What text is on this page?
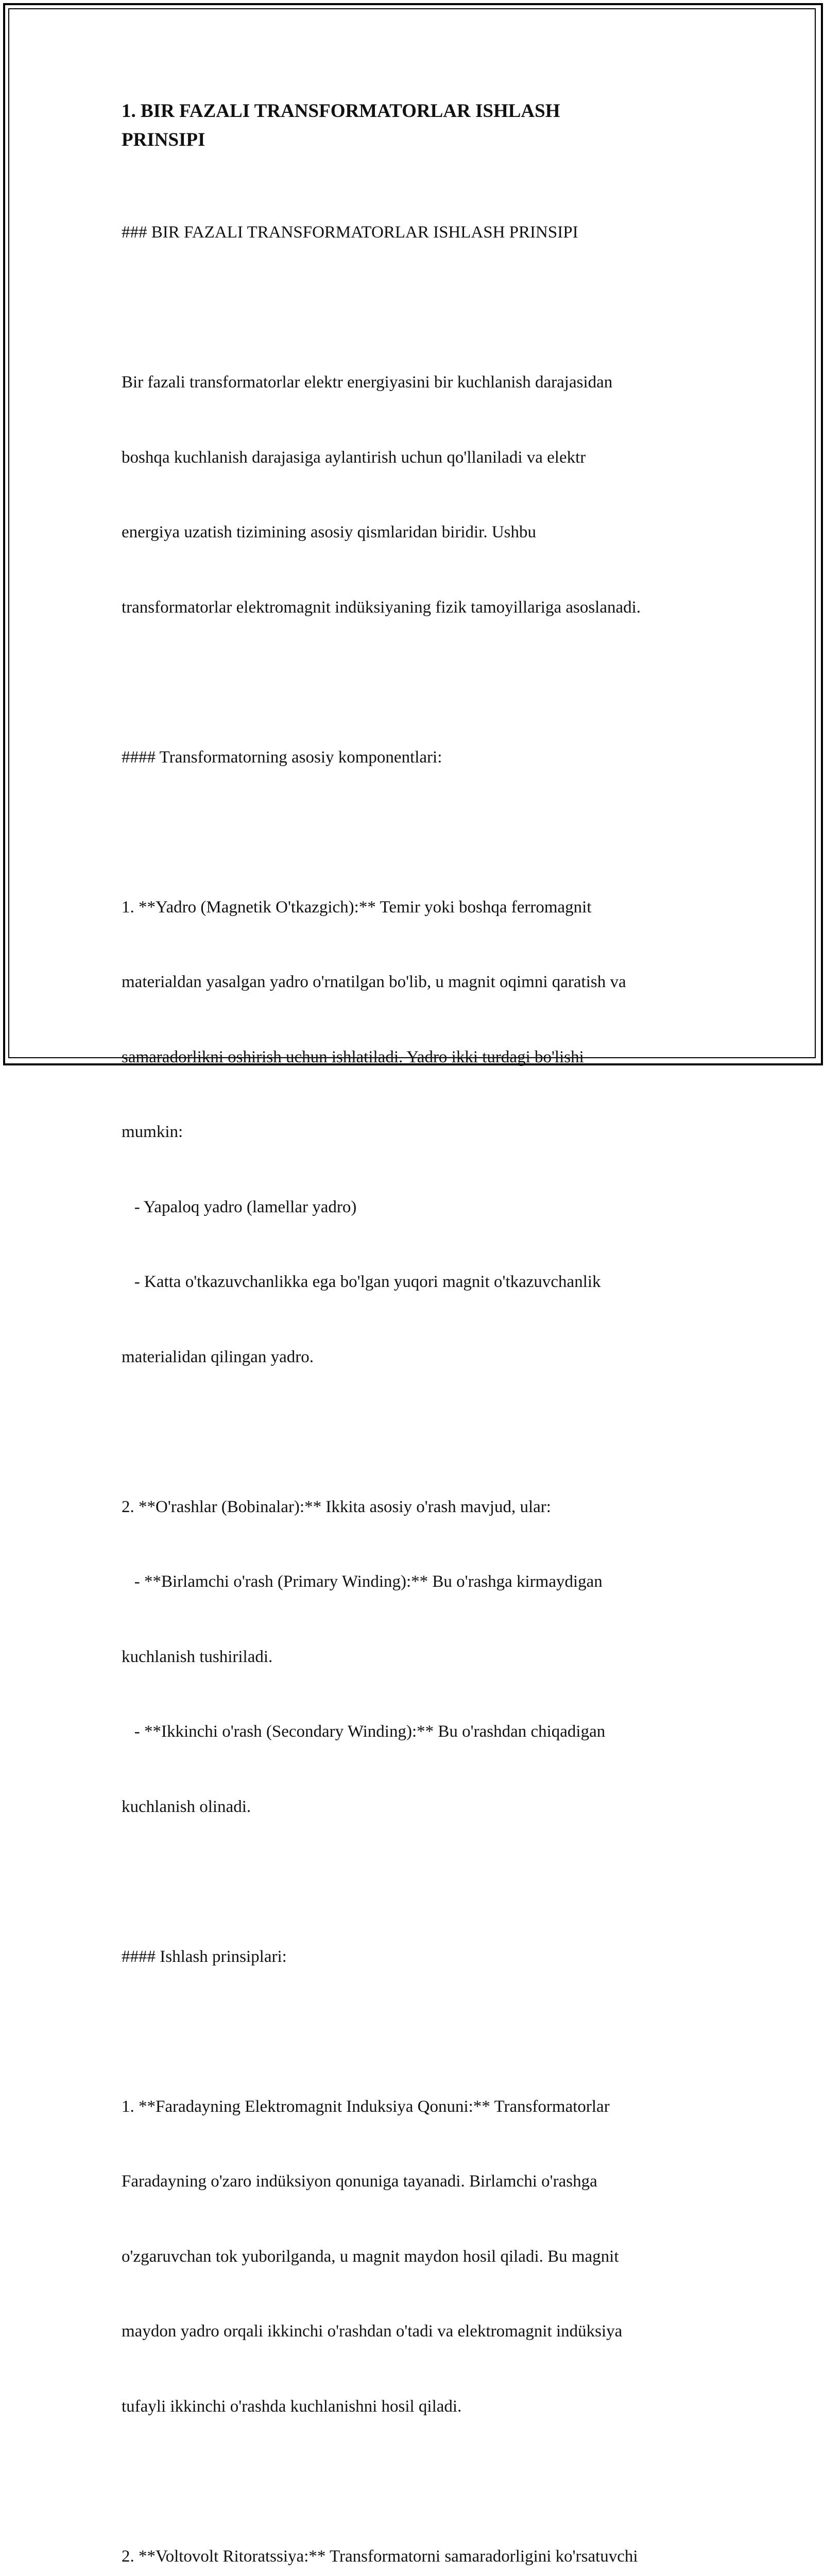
1. BIR FAZALI TRANSFORMATORLAR ISHLASH
PRINSIPI

### BIR FAZALI TRANSFORMATORLAR ISHLASH PRINSIPI

Bir fazali transformatorlar elektr energiyasini bir kuchlanish darajasidan

boshqa kuchlanish darajasiga aylantirish uchun qo'llaniladi va elektr

energiya uzatish tizimining asosiy qismlaridan biridir. Ushbu

transformatorlar elektromagnit indüksiyaning fizik tamoyillariga asoslanadi.

#### Transformatorning asosiy komponentlari:

1. **Yadro (Magnetik O'tkazgich):** Temir yoki boshqa ferromagnit

materialdan yasalgan yadro o'rnatilgan bo'lib, u magnit oqimni qaratish va

samaradorlikni oshirish uchun ishlatiladi. Yadro ikki turdagi bo'lishi

mumkin:

- Yapaloq yadro (lamellar yadro)

- Katta o'tkazuvchanlikka ega bo'lgan yuqori magnit o'tkazuvchanlik

materialidan qilingan yadro.

2. **O'rashlar (Bobinalar):** Ikkita asosiy o'rash mavjud, ular:

- **Birlamchi o'rash (Primary Winding):** Bu o'rashga kirmaydigan

kuchlanish tushiriladi.

- **Ikkinchi o'rash (Secondary Winding):** Bu o'rashdan chiqadigan

kuchlanish olinadi.

#### Ishlash prinsiplari:

1. **Faradayning Elektromagnit Induksiya Qonuni:** Transformatorlar

Faradayning o'zaro indüksiyon qonuniga tayanadi. Birlamchi o'rashga

o'zgaruvchan tok yuborilganda, u magnit maydon hosil qiladi. Bu magnit

maydon yadro orqali ikkinchi o'rashdan o'tadi va elektromagnit indüksiya

tufayli ikkinchi o'rashda kuchlanishni hosil qiladi.

2. **Voltovolt Ritoratssiya:** Transformatorni samaradorligini ko'rsatuvchi
